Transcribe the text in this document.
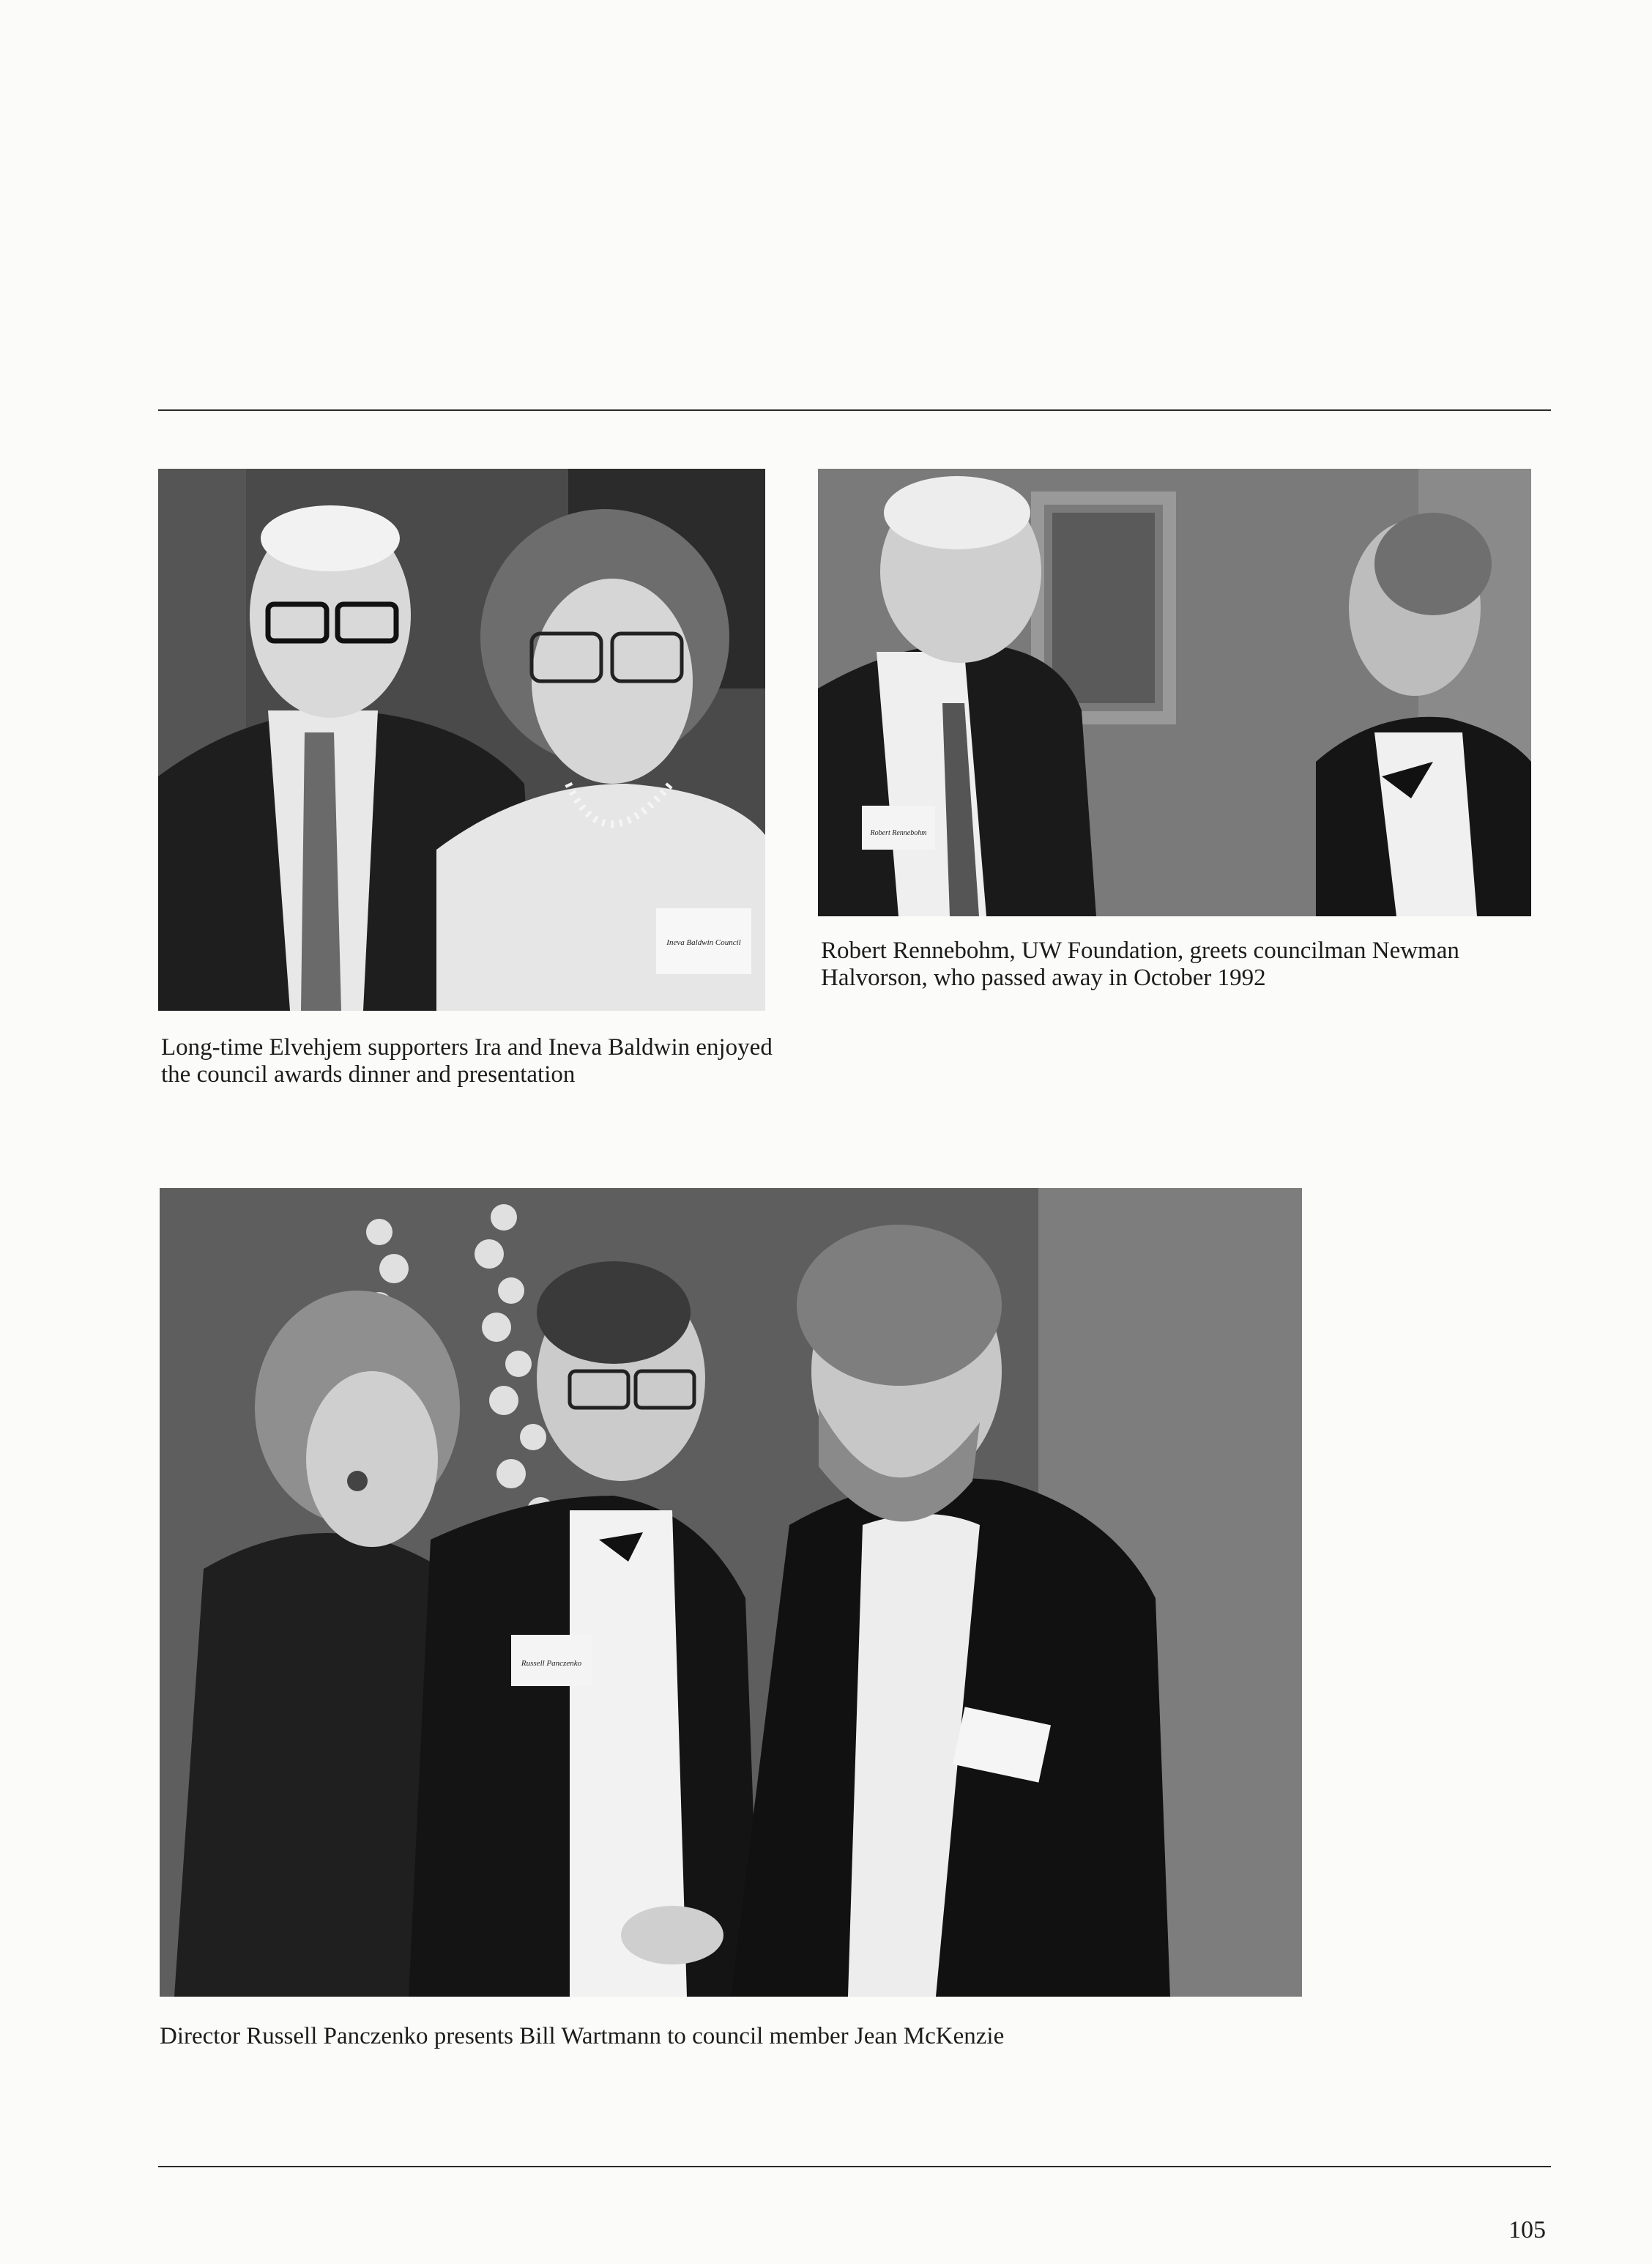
Ineva Baldwin Council
Robert Rennebohm
Long-time Elvehjem supporters Ira and Ineva Baldwin enjoyed the council awards dinner and presentation
Robert Rennebohm, UW Foundation, greets councilman Newman Halvorson, who passed away in October 1992
Russell Panczenko
Director Russell Panczenko presents Bill Wartmann to council member Jean McKenzie
105
